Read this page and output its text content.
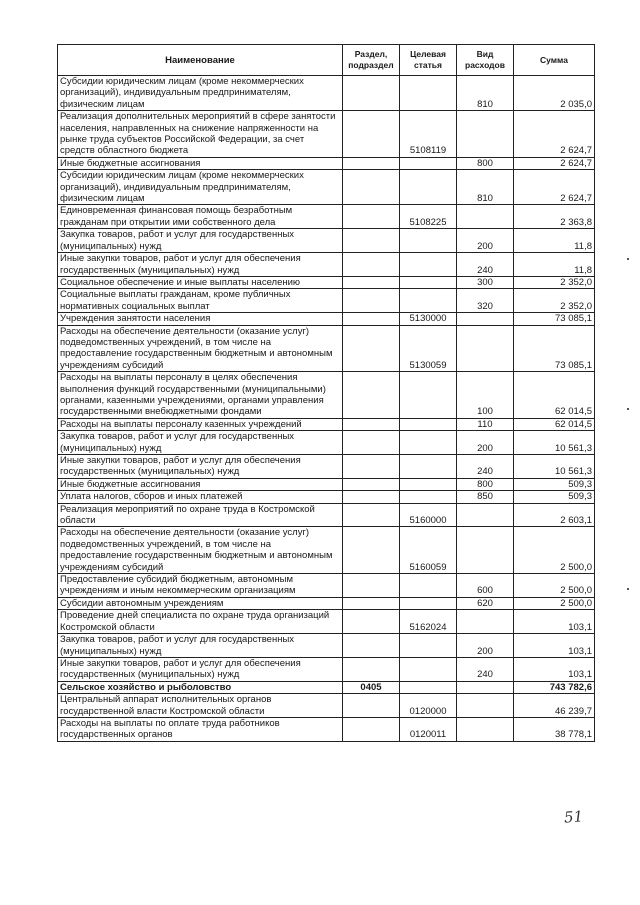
Наименование	Раздел, подраздел	Целевая статья	Вид расходов	Сумма
Субсидии юридическим лицам (кроме некоммерческих организаций), индивидуальным предпринимателям, физическим лицам			810	2 035,0
Реализация дополнительных мероприятий в сфере занятости населения, направленных на снижение напряженности на рынке труда субъектов Российской Федерации, за счет средств областного бюджета		5108119		2 624,7
Иные бюджетные ассигнования			800	2 624,7
Субсидии юридическим лицам (кроме некоммерческих организаций), индивидуальным предпринимателям, физическим лицам			810	2 624,7
Единовременная финансовая помощь безработным гражданам при открытии ими собственного дела		5108225		2 363,8
Закупка товаров, работ и услуг для государственных (муниципальных) нужд			200	11,8
Иные закупки товаров, работ и услуг для обеспечения государственных (муниципальных) нужд			240	11,8
Социальное обеспечение и иные выплаты населению			300	2 352,0
Социальные выплаты гражданам, кроме публичных нормативных социальных выплат			320	2 352,0
Учреждения занятости населения		5130000		73 085,1
Расходы на обеспечение деятельности (оказание услуг) подведомственных учреждений, в том числе на предоставление государственным бюджетным и автономным учреждениям субсидий		5130059		73 085,1
Расходы на выплаты персоналу в целях обеспечения выполнения функций государственными (муниципальными) органами, казенными учреждениями, органами управления государственными внебюджетными фондами			100	62 014,5
Расходы на выплаты персоналу казенных учреждений			110	62 014,5
Закупка товаров, работ и услуг для государственных (муниципальных) нужд			200	10 561,3
Иные закупки товаров, работ и услуг для обеспечения государственных (муниципальных) нужд			240	10 561,3
Иные бюджетные ассигнования			800	509,3
Уплата налогов, сборов и иных платежей			850	509,3
Реализация мероприятий по охране труда в Костромской области		5160000		2 603,1
Расходы на обеспечение деятельности (оказание услуг) подведомственных учреждений, в том числе на предоставление государственным бюджетным и автономным учреждениям субсидий		5160059		2 500,0
Предоставление субсидий бюджетным, автономным учреждениям и иным некоммерческим организациям			600	2 500,0
Субсидии автономным учреждениям			620	2 500,0
Проведение дней специалиста по охране труда организаций Костромской области		5162024		103,1
Закупка товаров, работ и услуг для государственных (муниципальных) нужд			200	103,1
Иные закупки товаров, работ и услуг для обеспечения государственных (муниципальных) нужд			240	103,1
Сельское хозяйство и рыболовство	0405			743 782,6
Центральный аппарат исполнительных органов государственной власти Костромской области		0120000		46 239,7
Расходы на выплаты по оплате труда работников государственных органов		0120011		38 778,1
51
